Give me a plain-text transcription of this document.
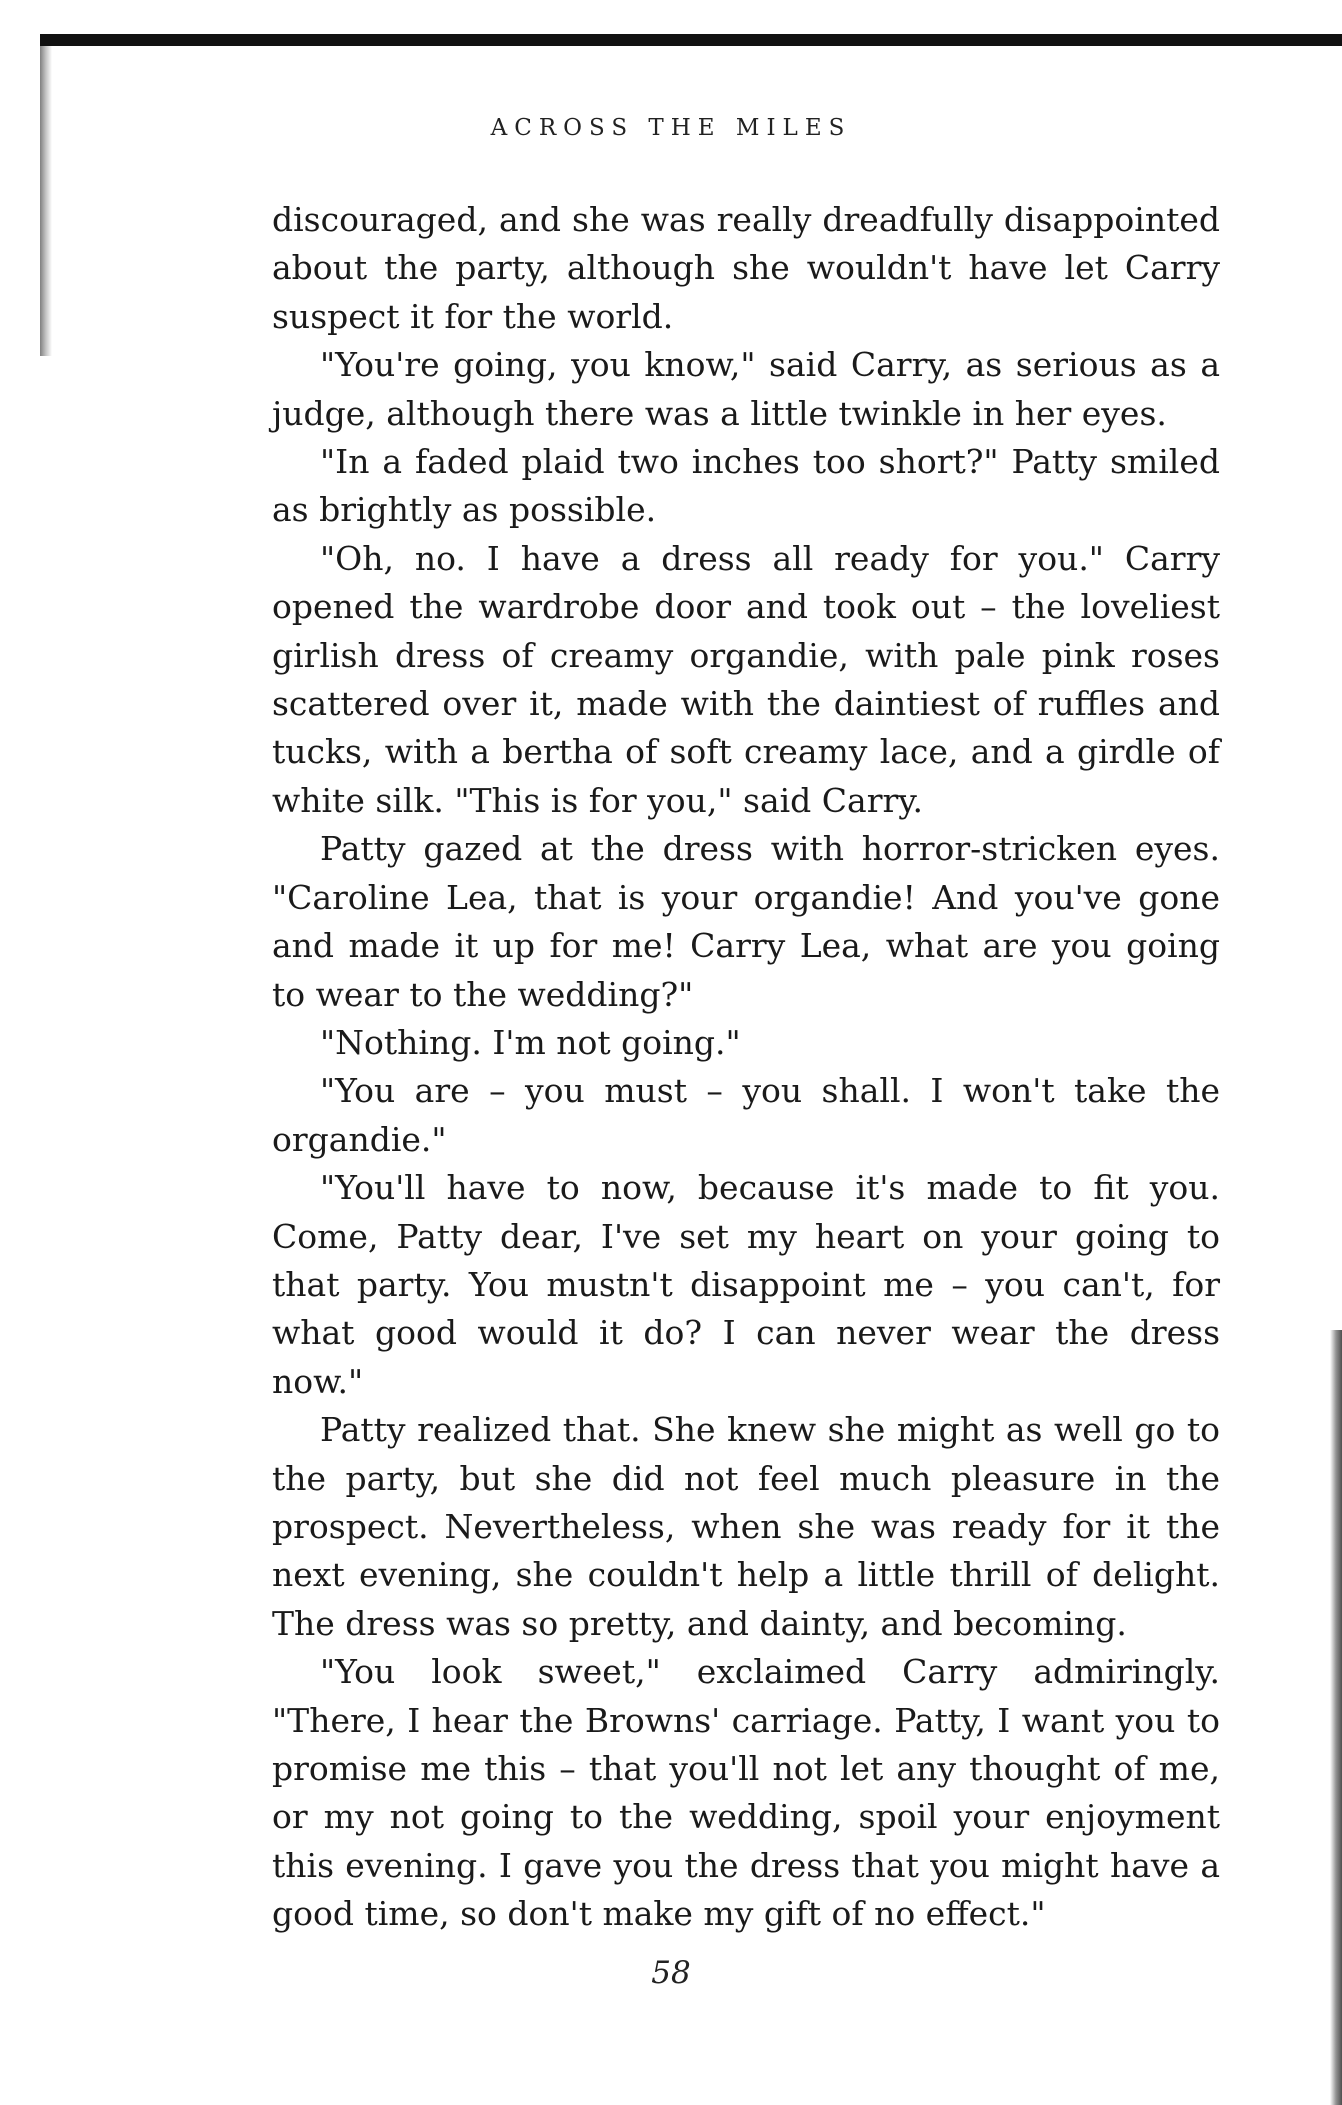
ACROSS THE MILES

discouraged, and she was really dreadfully disappointed about the party, although she wouldn't have let Carry suspect it for the world.

"You're going, you know," said Carry, as serious as a judge, although there was a little twinkle in her eyes.

"In a faded plaid two inches too short?" Patty smiled as brightly as possible.

"Oh, no. I have a dress all ready for you." Carry opened the wardrobe door and took out – the loveliest girlish dress of creamy organdie, with pale pink roses scattered over it, made with the daintiest of ruffles and tucks, with a bertha of soft creamy lace, and a girdle of white silk. "This is for you," said Carry.

Patty gazed at the dress with horror-stricken eyes. "Caroline Lea, that is your organdie! And you've gone and made it up for me! Carry Lea, what are you going to wear to the wedding?"

"Nothing. I'm not going."

"You are – you must – you shall. I won't take the organdie."

"You'll have to now, because it's made to fit you. Come, Patty dear, I've set my heart on your going to that party. You mustn't disappoint me – you can't, for what good would it do? I can never wear the dress now."

Patty realized that. She knew she might as well go to the party, but she did not feel much pleasure in the prospect. Nevertheless, when she was ready for it the next evening, she couldn't help a little thrill of delight. The dress was so pretty, and dainty, and becoming.

"You look sweet," exclaimed Carry admiringly. "There, I hear the Browns' carriage. Patty, I want you to promise me this – that you'll not let any thought of me, or my not going to the wedding, spoil your enjoyment this evening. I gave you the dress that you might have a good time, so don't make my gift of no effect."

58
